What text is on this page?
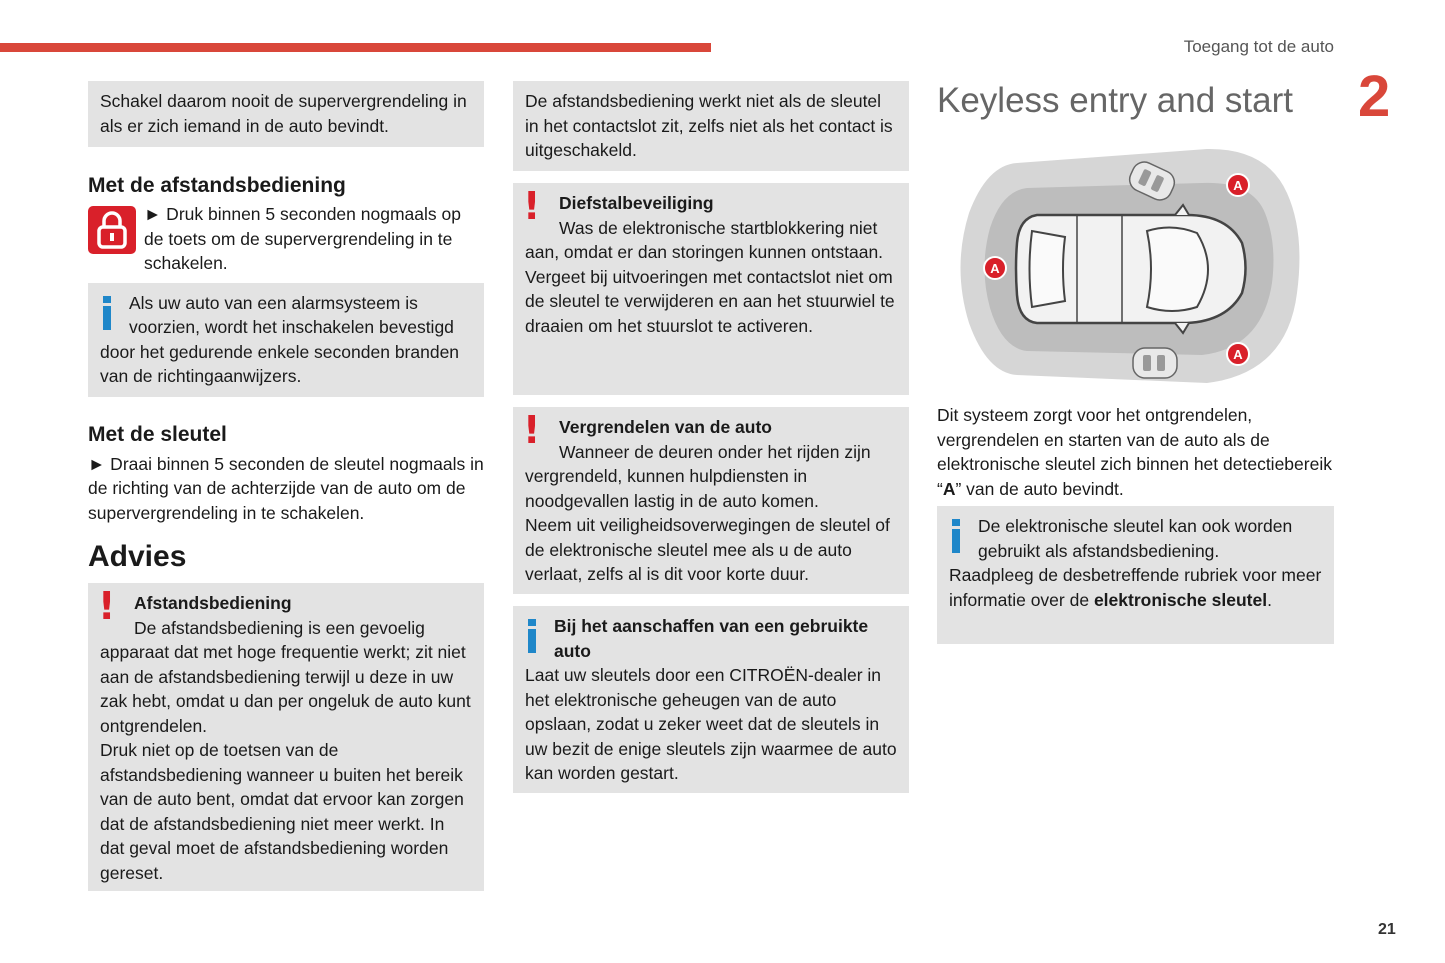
Toegang tot de auto
2
21
Schakel daarom nooit de supervergrendeling in als er zich iemand in de auto bevindt.
Met de afstandsbediening
► Druk binnen 5 seconden nogmaals op de toets om de supervergrendeling in te schakelen.
Als uw auto van een alarmsysteem is voorzien, wordt het inschakelen bevestigd door het gedurende enkele seconden branden van de richtingaanwijzers.
Met de sleutel
► Draai binnen 5 seconden de sleutel nogmaals in de richting van de achterzijde van de auto om de supervergrendeling in te schakelen.
Advies
!	Afstandsbediening
De afstandsbediening is een gevoelig apparaat dat met hoge frequentie werkt; zit niet aan de afstandsbediening terwijl u deze in uw zak hebt, omdat u dan per ongeluk de auto kunt ontgrendelen.
Druk niet op de toetsen van de afstandsbediening wanneer u buiten het bereik van de auto bent, omdat dat ervoor kan zorgen dat de afstandsbediening niet meer werkt. In dat geval moet de afstandsbediening worden gereset.
De afstandsbediening werkt niet als de sleutel in het contactslot zit, zelfs niet als het contact is uitgeschakeld.
!	Diefstalbeveiliging
Was de elektronische startblokkering niet aan, omdat er dan storingen kunnen ontstaan.
Vergeet bij uitvoeringen met contactslot niet om de sleutel te verwijderen en aan het stuurwiel te draaien om het stuurslot te activeren.
!	Vergrendelen van de auto
Wanneer de deuren onder het rijden zijn vergrendeld, kunnen hulpdiensten in noodgevallen lastig in de auto komen.
Neem uit veiligheidsoverwegingen de sleutel of de elektronische sleutel mee als u de auto verlaat, zelfs al is dit voor korte duur.
Bij het aanschaffen van een gebruikte auto
Laat uw sleutels door een CITROËN-dealer in het elektronische geheugen van de auto opslaan, zodat u zeker weet dat de sleutels in uw bezit de enige sleutels zijn waarmee de auto kan worden gestart.
Keyless entry and start
A
A
A
Dit systeem zorgt voor het ontgrendelen, vergrendelen en starten van de auto als de elektronische sleutel zich binnen het detectiebereik “A” van de auto bevindt.
De elektronische sleutel kan ook worden gebruikt als afstandsbediening.
Raadpleeg de desbetreffende rubriek voor meer informatie over de elektronische sleutel.
